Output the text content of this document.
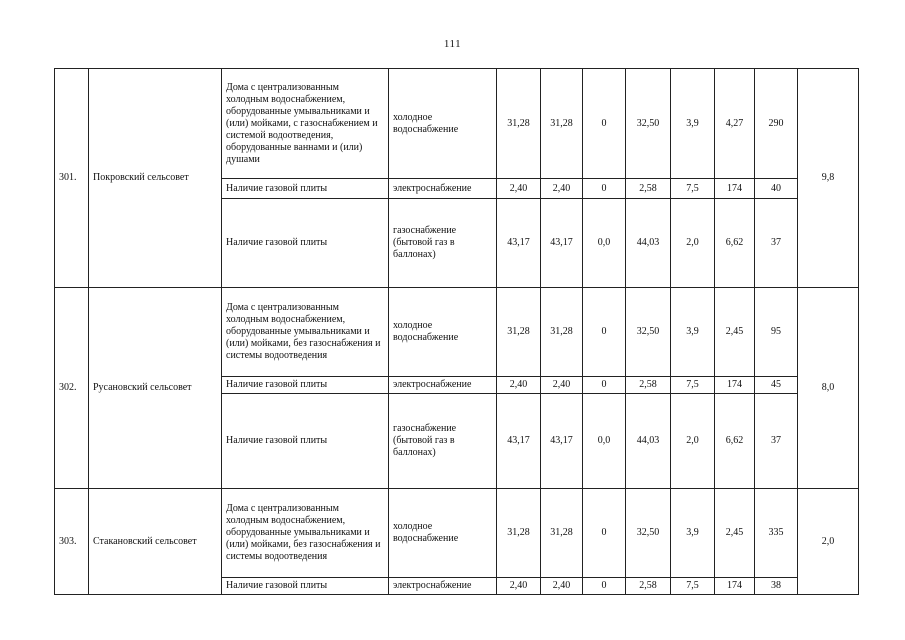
111
301.	Покровский сельсовет	Дома с централизованным холодным водоснабжением, оборудованные умывальниками и (или) мойками, с газоснабжением и системой водоотведения, оборудованные ваннами и (или) душами	холодное водоснабжение	31,28	31,28	0	32,50	3,9	4,27	290	9,8
		Наличие газовой плиты	электроснабжение	2,40	2,40	0	2,58	7,5	174	40	
		Наличие газовой плиты	газоснабжение (бытовой газ в баллонах)	43,17	43,17	0,0	44,03	2,0	6,62	37	
302.	Русановский сельсовет	Дома с централизованным холодным водоснабжением, оборудованные умывальниками и (или) мойками, без газоснабжения и системы водоотведения	холодное водоснабжение	31,28	31,28	0	32,50	3,9	2,45	95	8,0
		Наличие газовой плиты	электроснабжение	2,40	2,40	0	2,58	7,5	174	45	
		Наличие газовой плиты	газоснабжение (бытовой газ в баллонах)	43,17	43,17	0,0	44,03	2,0	6,62	37	
303.	Стакановский сельсовет	Дома с централизованным холодным водоснабжением, оборудованные умывальниками и (или) мойками, без газоснабжения и системы водоотведения	холодное водоснабжение	31,28	31,28	0	32,50	3,9	2,45	335	2,0
		Наличие газовой плиты	электроснабжение	2,40	2,40	0	2,58	7,5	174	38	
